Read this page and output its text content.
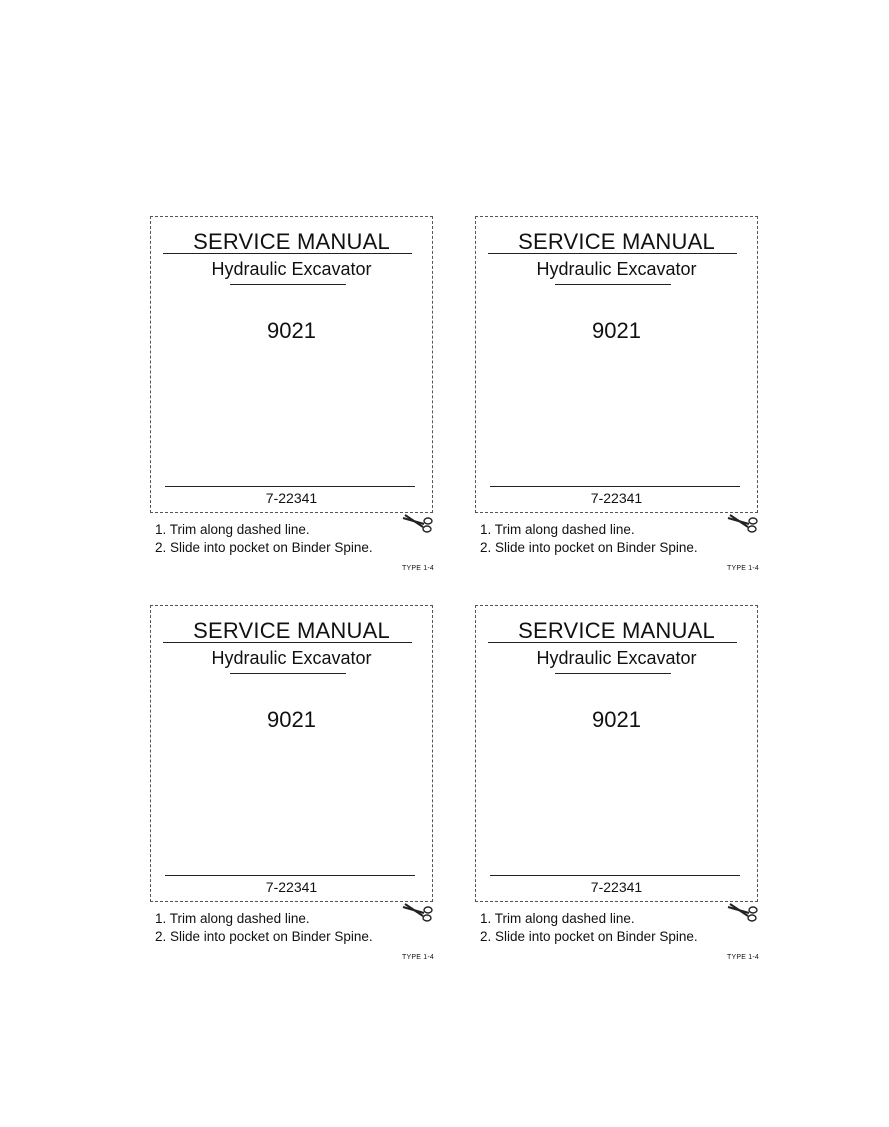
SERVICE MANUAL
Hydraulic Excavator
9021
7-22341
1. Trim along dashed line.
2. Slide into pocket on Binder Spine.
TYPE 1-4
SERVICE MANUAL
Hydraulic Excavator
9021
7-22341
1. Trim along dashed line.
2. Slide into pocket on Binder Spine.
TYPE 1-4
SERVICE MANUAL
Hydraulic Excavator
9021
7-22341
1. Trim along dashed line.
2. Slide into pocket on Binder Spine.
TYPE 1-4
SERVICE MANUAL
Hydraulic Excavator
9021
7-22341
1. Trim along dashed line.
2. Slide into pocket on Binder Spine.
TYPE 1-4
